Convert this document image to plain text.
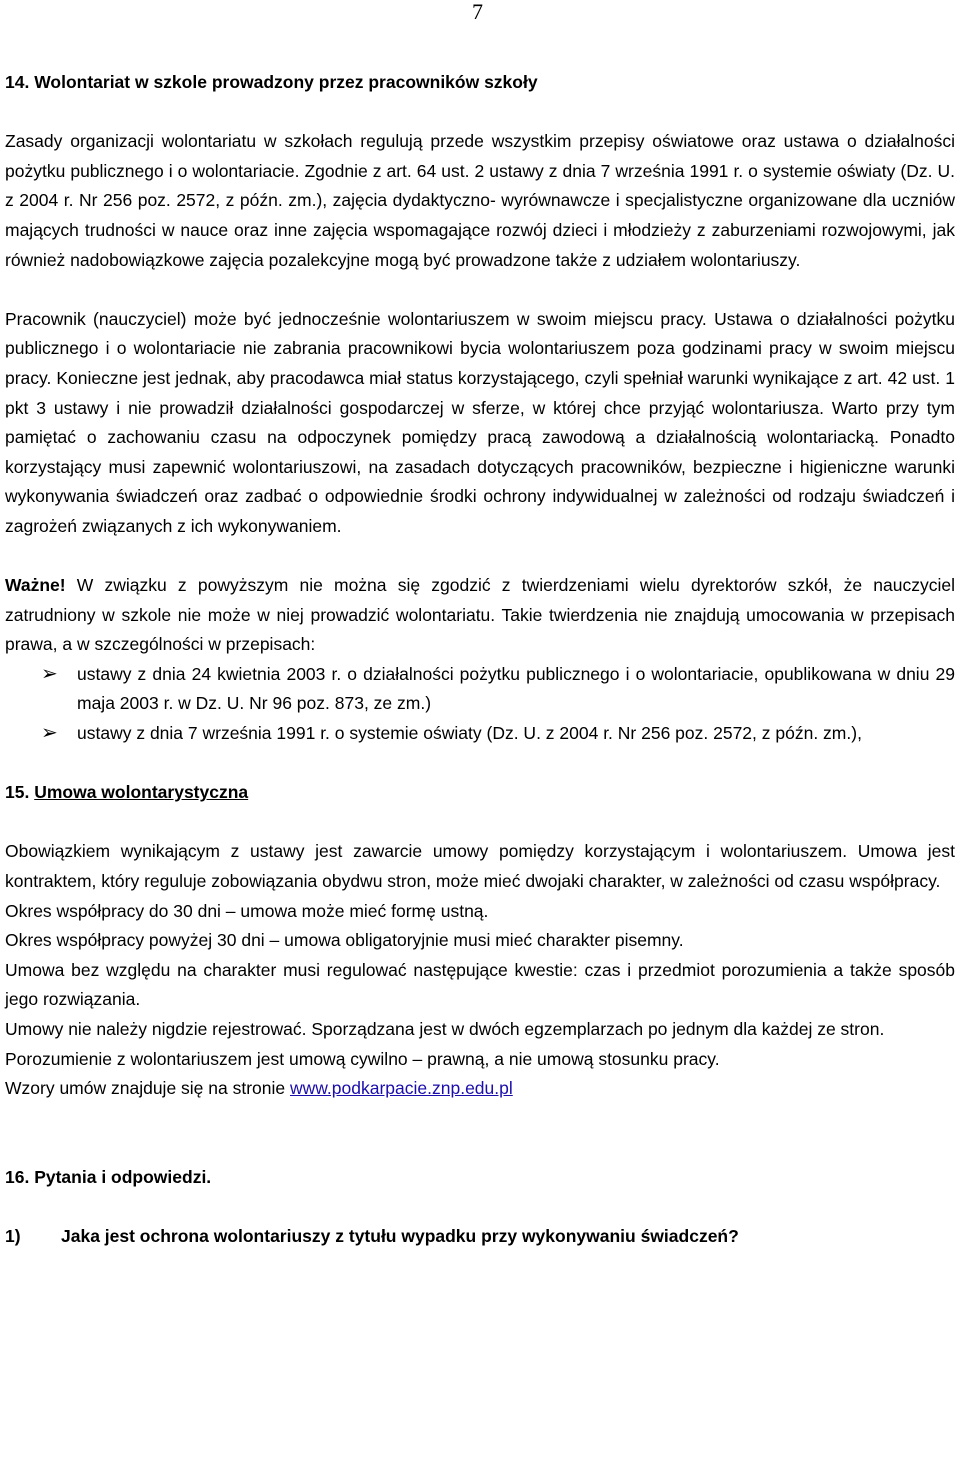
7
14. Wolontariat w szkole prowadzony przez pracowników szkoły

Zasady organizacji wolontariatu w szkołach regulują przede wszystkim przepisy oświatowe oraz ustawa o działalności pożytku publicznego i o wolontariacie. Zgodnie z art. 64 ust. 2 ustawy z dnia 7 września 1991 r. o systemie oświaty (Dz. U. z 2004 r. Nr 256 poz. 2572, z późn. zm.), zajęcia dydaktyczno- wyrównawcze i specjalistyczne organizowane dla uczniów mających trudności w nauce oraz inne zajęcia wspomagające rozwój dzieci i młodzieży z zaburzeniami rozwojowymi, jak również nadobowiązkowe zajęcia pozalekcyjne mogą być prowadzone także z udziałem wolontariuszy.

Pracownik (nauczyciel) może być jednocześnie wolontariuszem w swoim miejscu pracy. Ustawa o działalności pożytku publicznego i o wolontariacie nie zabrania pracownikowi bycia wolontariuszem poza godzinami pracy w swoim miejscu pracy. Konieczne jest jednak, aby pracodawca miał status korzystającego, czyli spełniał warunki wynikające z art. 42 ust. 1 pkt 3 ustawy i nie prowadził działalności gospodarczej w sferze, w której chce przyjąć wolontariusza. Warto przy tym pamiętać o zachowaniu czasu na odpoczynek pomiędzy pracą zawodową a działalnością wolontariacką. Ponadto korzystający musi zapewnić wolontariuszowi, na zasadach dotyczących pracowników, bezpieczne i higieniczne warunki wykonywania świadczeń oraz zadbać o odpowiednie środki ochrony indywidualnej w zależności od rodzaju świadczeń i zagrożeń związanych z ich wykonywaniem.

Ważne! W związku z powyższym nie można się zgodzić z twierdzeniami wielu dyrektorów szkół, że nauczyciel zatrudniony w szkole nie może w niej prowadzić wolontariatu. Takie twierdzenia nie znajdują umocowania w przepisach prawa, a w szczególności w przepisach:

➢ ustawy z dnia 24 kwietnia 2003 r. o działalności pożytku publicznego i o wolontariacie, opublikowana w dniu 29 maja 2003 r. w Dz. U. Nr 96 poz. 873, ze zm.)
➢ ustawy z dnia 7 września 1991 r. o systemie oświaty (Dz. U. z 2004 r. Nr 256 poz. 2572, z późn. zm.),
15. Umowa wolontarystyczna

Obowiązkiem wynikającym z ustawy jest zawarcie umowy pomiędzy korzystającym i wolontariuszem. Umowa jest kontraktem, który reguluje zobowiązania obydwu stron, może mieć dwojaki charakter, w zależności od czasu współpracy.

Okres współpracy do 30 dni – umowa może mieć formę ustną.

Okres współpracy powyżej 30 dni – umowa obligatoryjnie musi mieć charakter pisemny.

Umowa bez względu na charakter musi regulować następujące kwestie: czas i przedmiot porozumienia a także sposób jego rozwiązania.

Umowy nie należy nigdzie rejestrować. Sporządzana jest w dwóch egzemplarzach po jednym dla każdej ze stron.

Porozumienie z wolontariuszem jest umową cywilno – prawną, a nie umową stosunku pracy.

Wzory umów znajduje się na stronie www.podkarpacie.znp.edu.pl

16. Pytania i odpowiedzi.

1) Jaka jest ochrona wolontariuszy z tytułu wypadku przy wykonywaniu świadczeń?
